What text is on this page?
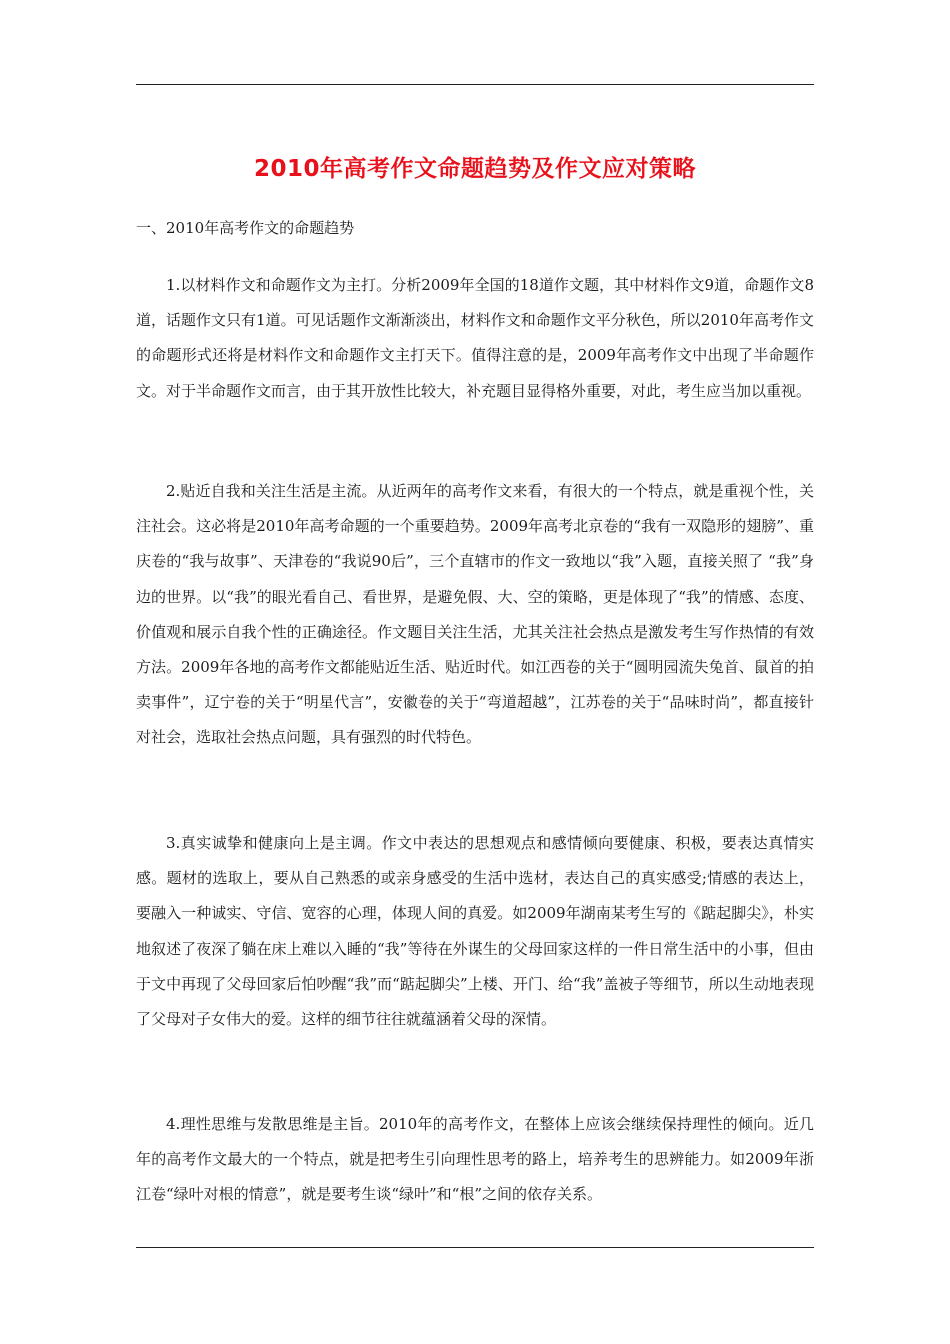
2010年高考作文命题趋势及作文应对策略
一、2010年高考作文的命题趋势

1.以材料作文和命题作文为主打。分析2009年全国的18道作文题，其中材料作文9道，命题作文8道，话题作文只有1道。可见话题作文渐渐淡出，材料作文和命题作文平分秋色，所以2010年高考作文的命题形式还将是材料作文和命题作文主打天下。值得注意的是，2009年高考作文中出现了半命题作文。对于半命题作文而言，由于其开放性比较大，补充题目显得格外重要，对此，考生应当加以重视。

2.贴近自我和关注生活是主流。从近两年的高考作文来看，有很大的一个特点，就是重视个性，关注社会。这必将是2010年高考命题的一个重要趋势。2009年高考北京卷的“我有一双隐形的翅膀”、重庆卷的“我与故事”、天津卷的“我说90后”，三个直辖市的作文一致地以“我”入题，直接关照了 “我”身边的世界。以“我”的眼光看自己、看世界，是避免假、大、空的策略，更是体现了“我”的情感、态度、价值观和展示自我个性的正确途径。作文题目关注生活，尤其关注社会热点是激发考生写作热情的有效方法。2009年各地的高考作文都能贴近生活、贴近时代。如江西卷的关于“圆明园流失兔首、鼠首的拍卖事件”，辽宁卷的关于“明星代言”，安徽卷的关于“弯道超越”，江苏卷的关于“品味时尚”，都直接针对社会，选取社会热点问题，具有强烈的时代特色。

3.真实诚挚和健康向上是主调。作文中表达的思想观点和感情倾向要健康、积极，要表达真情实感。题材的选取上，要从自己熟悉的或亲身感受的生活中选材，表达自己的真实感受;情感的表达上，要融入一种诚实、守信、宽容的心理，体现人间的真爱。如2009年湖南某考生写的《踮起脚尖》，朴实地叙述了夜深了躺在床上难以入睡的“我”等待在外谋生的父母回家这样的一件日常生活中的小事，但由于文中再现了父母回家后怕吵醒“我”而“踮起脚尖”上楼、开门、给“我”盖被子等细节，所以生动地表现了父母对子女伟大的爱。这样的细节往往就蕴涵着父母的深情。

4.理性思维与发散思维是主旨。2010年的高考作文，在整体上应该会继续保持理性的倾向。近几年的高考作文最大的一个特点，就是把考生引向理性思考的路上，培养考生的思辨能力。如2009年浙江卷“绿叶对根的情意”，就是要考生谈“绿叶”和“根”之间的依存关系。
